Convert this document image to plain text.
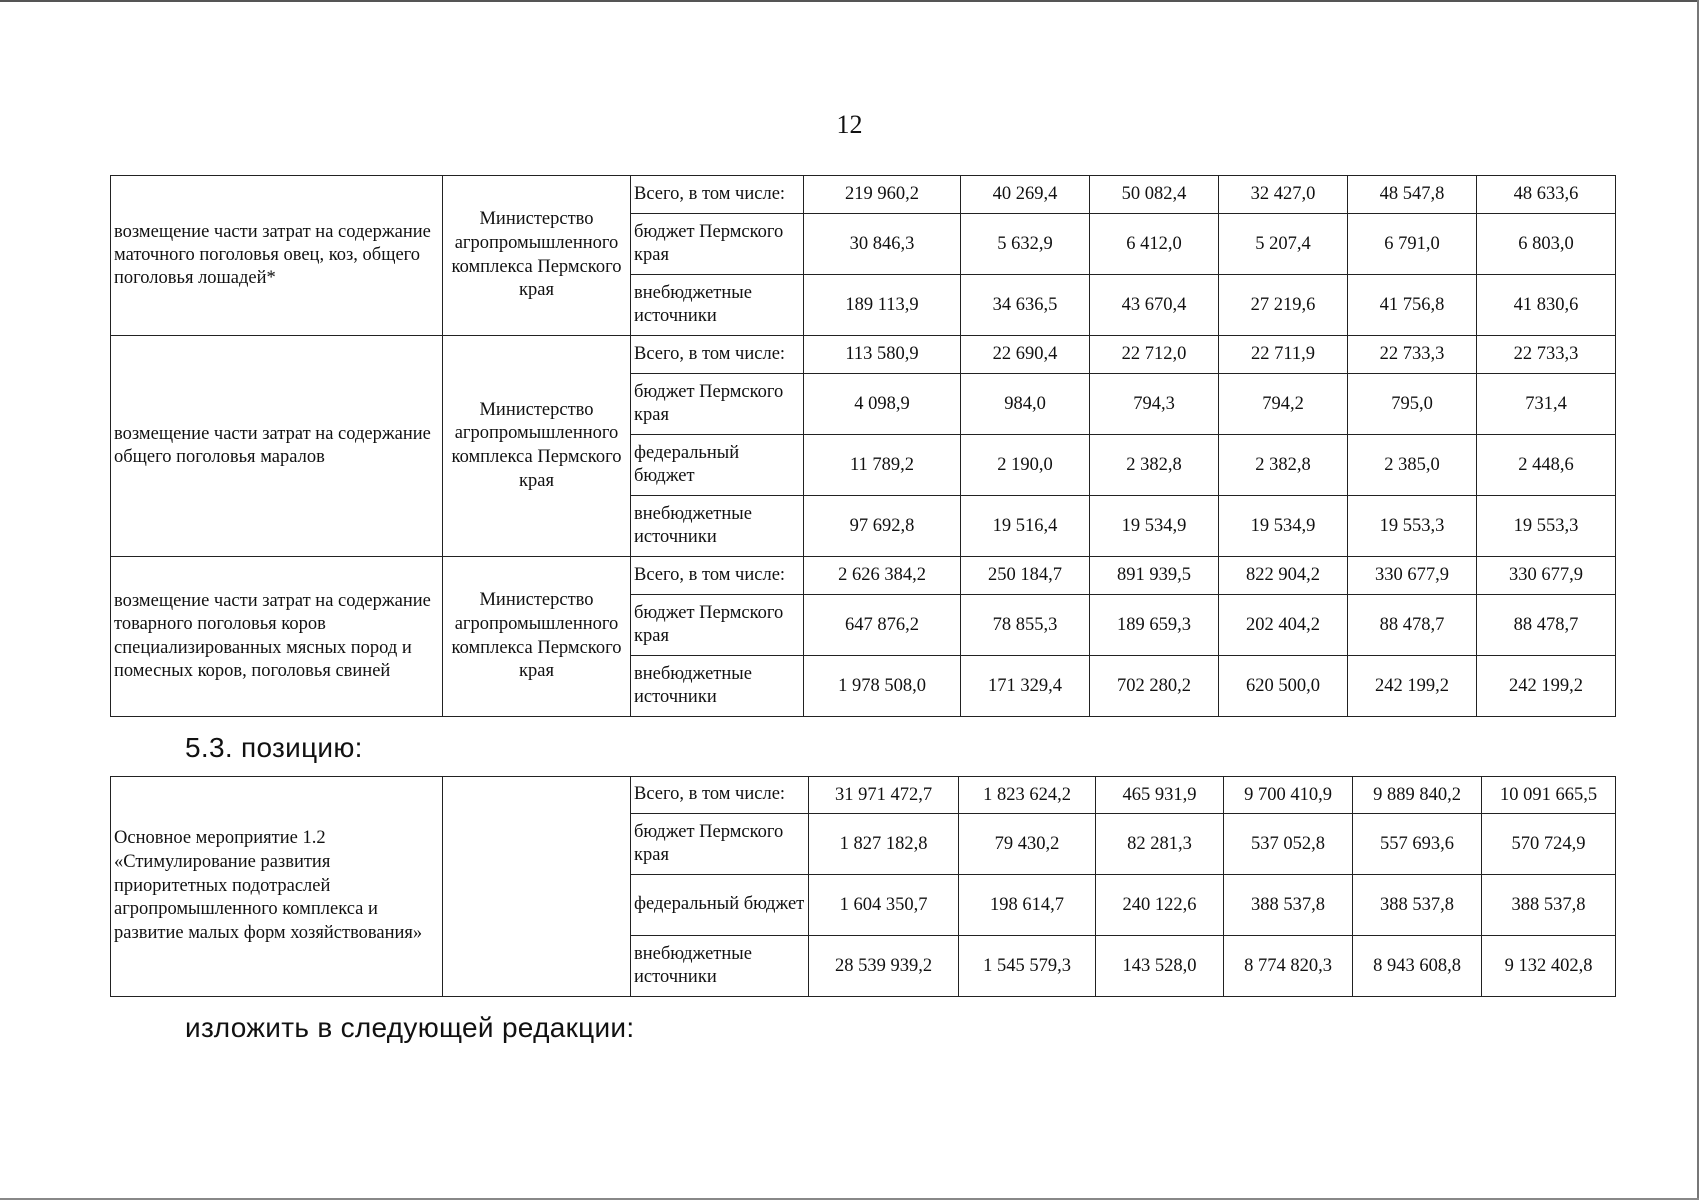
12
возмещение части затрат на содержание маточного поголовья овец, коз, общего поголовья лошадей*	Министерство агропромышленного комплекса Пермского края	Всего, в том числе:	219 960,2	40 269,4	50 082,4	32 427,0	48 547,8	48 633,6
		бюджет Пермского края	30 846,3	5 632,9	6 412,0	5 207,4	6 791,0	6 803,0
		внебюджетные источники	189 113,9	34 636,5	43 670,4	27 219,6	41 756,8	41 830,6
возмещение части затрат на содержание общего поголовья маралов	Министерство агропромышленного комплекса Пермского края	Всего, в том числе:	113 580,9	22 690,4	22 712,0	22 711,9	22 733,3	22 733,3
		бюджет Пермского края	4 098,9	984,0	794,3	794,2	795,0	731,4
		федеральный бюджет	11 789,2	2 190,0	2 382,8	2 382,8	2 385,0	2 448,6
		внебюджетные источники	97 692,8	19 516,4	19 534,9	19 534,9	19 553,3	19 553,3
возмещение части затрат на содержание товарного поголовья коров специализированных мясных пород и помесных коров, поголовья свиней	Министерство агропромышленного комплекса Пермского края	Всего, в том числе:	2 626 384,2	250 184,7	891 939,5	822 904,2	330 677,9	330 677,9
		бюджет Пермского края	647 876,2	78 855,3	189 659,3	202 404,2	88 478,7	88 478,7
		внебюджетные источники	1 978 508,0	171 329,4	702 280,2	620 500,0	242 199,2	242 199,2
5.3. позицию:
Основное мероприятие 1.2 «Стимулирование развития приоритетных подотраслей агропромышленного комплекса и развитие малых форм хозяйствования»		Всего, в том числе:	31 971 472,7	1 823 624,2	465 931,9	9 700 410,9	9 889 840,2	10 091 665,5
		бюджет Пермского края	1 827 182,8	79 430,2	82 281,3	537 052,8	557 693,6	570 724,9
		федеральный бюджет	1 604 350,7	198 614,7	240 122,6	388 537,8	388 537,8	388 537,8
		внебюджетные источники	28 539 939,2	1 545 579,3	143 528,0	8 774 820,3	8 943 608,8	9 132 402,8
изложить в следующей редакции:
